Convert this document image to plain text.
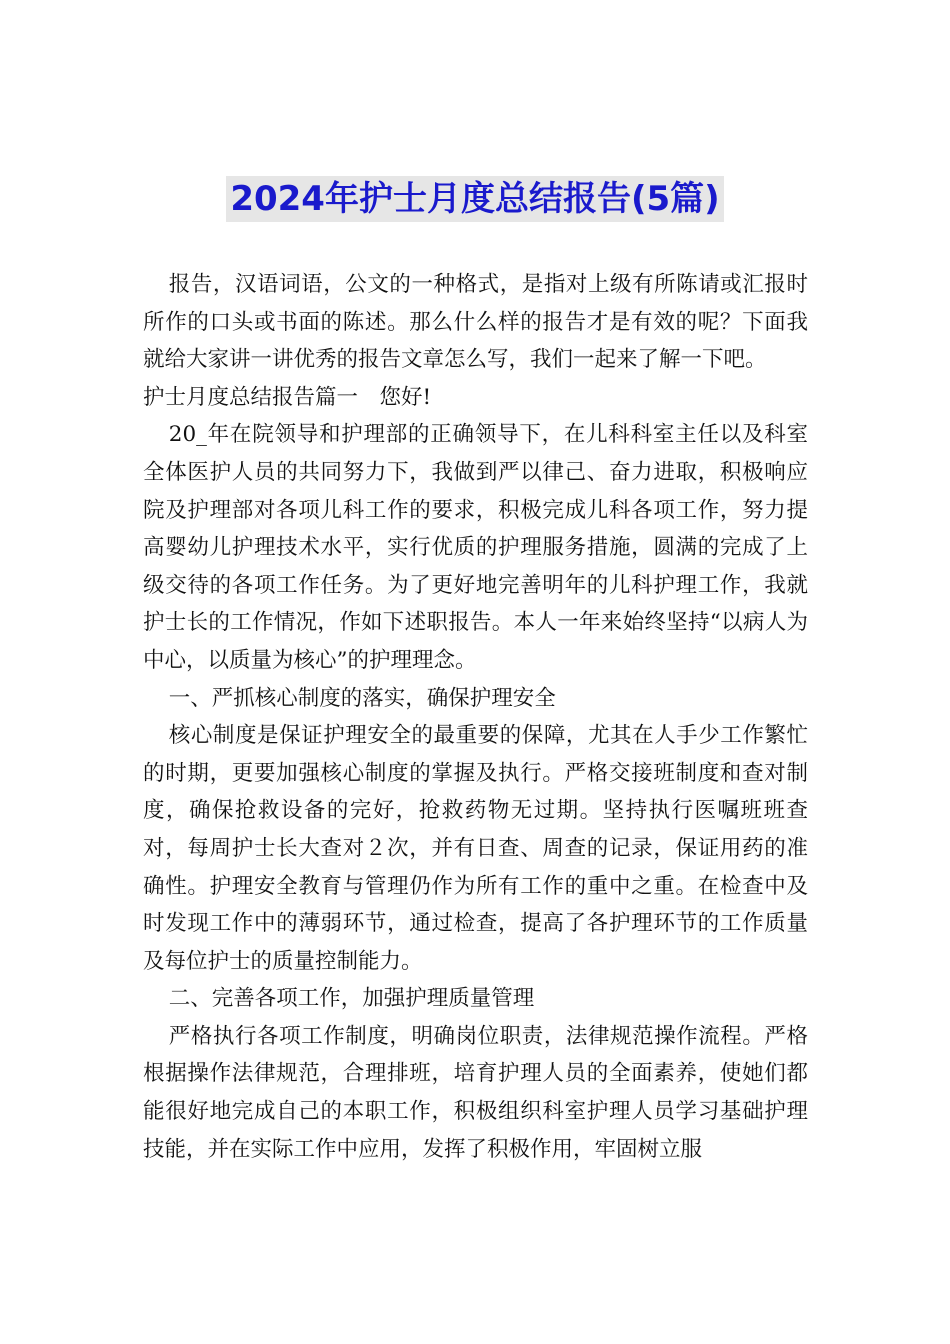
2024年护士月度总结报告(5篇)

报告，汉语词语，公文的一种格式，是指对上级有所陈请或汇报时所作的口头或书面的陈述。那么什么样的报告才是有效的呢？下面我就给大家讲一讲优秀的报告文章怎么写，我们一起来了解一下吧。

护士月度总结报告篇一　您好!

20_年在院领导和护理部的正确领导下，在儿科科室主任以及科室全体医护人员的共同努力下，我做到严以律己、奋力进取，积极响应院及护理部对各项儿科工作的要求，积极完成儿科各项工作，努力提高婴幼儿护理技术水平，实行优质的护理服务措施，圆满的完成了上级交待的各项工作任务。为了更好地完善明年的儿科护理工作，我就护士长的工作情况，作如下述职报告。本人一年来始终坚持“以病人为中心，以质量为核心”的护理理念。

一、严抓核心制度的落实，确保护理安全

核心制度是保证护理安全的最重要的保障，尤其在人手少工作繁忙的时期，更要加强核心制度的掌握及执行。严格交接班制度和查对制度，确保抢救设备的完好，抢救药物无过期。坚持执行医嘱班班查对，每周护士长大查对２次，并有日查、周查的记录，保证用药的准确性。护理安全教育与管理仍作为所有工作的重中之重。在检查中及时发现工作中的薄弱环节，通过检查，提高了各护理环节的工作质量及每位护士的质量控制能力。

二、完善各项工作，加强护理质量管理

严格执行各项工作制度，明确岗位职责，法律规范操作流程。严格根据操作法律规范，合理排班，培育护理人员的全面素养，使她们都能很好地完成自己的本职工作，积极组织科室护理人员学习基础护理技能，并在实际工作中应用，发挥了积极作用，牢固树立服
